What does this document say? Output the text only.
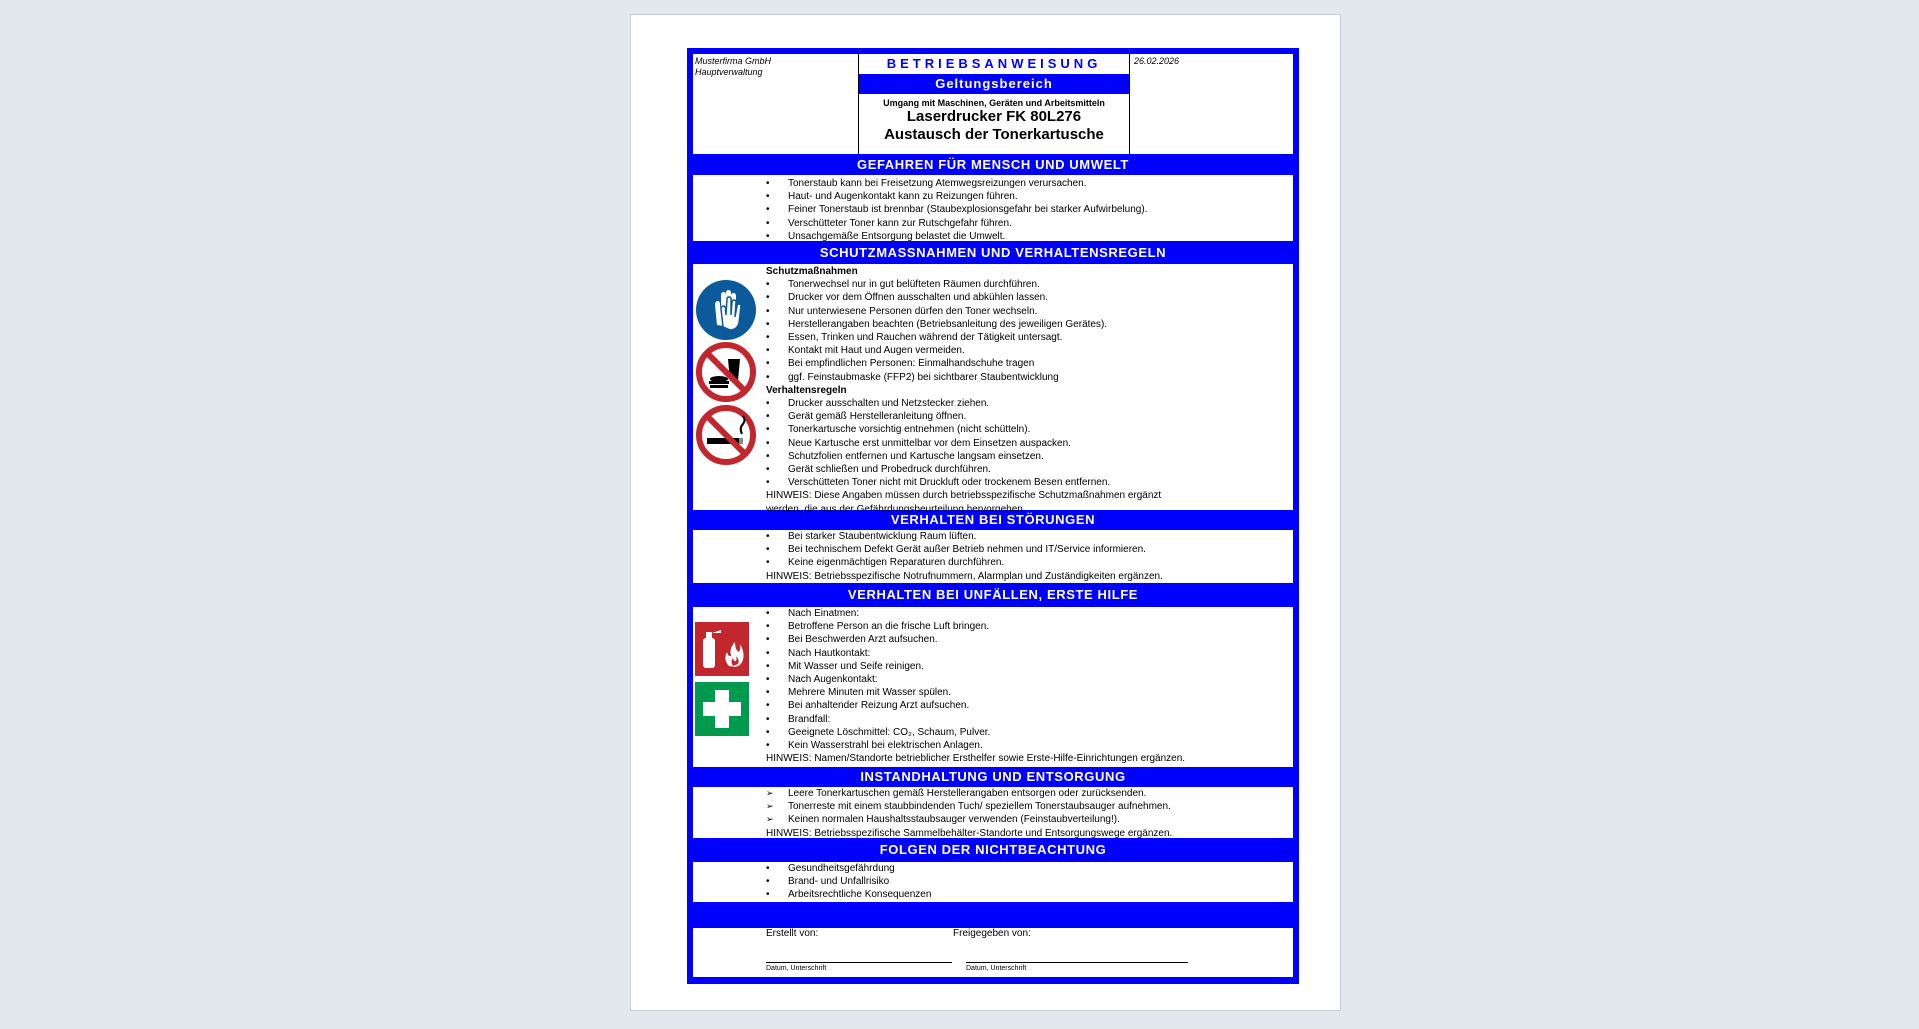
Musterfirma GmbH
Hauptverwaltung
BETRIEBSANWEISUNG
Geltungsbereich
Umgang mit Maschinen, Geräten und Arbeitsmitteln
Laserdrucker FK 80L276
Austausch der Tonerkartusche
26.02.2026
GEFAHREN FÜR MENSCH UND UMWELT
• Tonerstaub kann bei Freisetzung Atemwegsreizungen verursachen.
• Haut- und Augenkontakt kann zu Reizungen führen.
• Feiner Tonerstaub ist brennbar (Staubexplosionsgefahr bei starker Aufwirbelung).
• Verschütteter Toner kann zur Rutschgefahr führen.
• Unsachgemäße Entsorgung belastet die Umwelt.
SCHUTZMASSNAHMEN UND VERHALTENSREGELN
Schutzmaßnahmen
• Tonerwechsel nur in gut belüfteten Räumen durchführen.
• Drucker vor dem Öffnen ausschalten und abkühlen lassen.
• Nur unterwiesene Personen dürfen den Toner wechseln.
• Herstellerangaben beachten (Betriebsanleitung des jeweiligen Gerätes).
• Essen, Trinken und Rauchen während der Tätigkeit untersagt.
• Kontakt mit Haut und Augen vermeiden.
• Bei empfindlichen Personen: Einmalhandschuhe tragen
• ggf. Feinstaubmaske (FFP2) bei sichtbarer Staubentwicklung
Verhaltensregeln
• Drucker ausschalten und Netzstecker ziehen.
• Gerät gemäß Herstelleranleitung öffnen.
• Tonerkartusche vorsichtig entnehmen (nicht schütteln).
• Neue Kartusche erst unmittelbar vor dem Einsetzen auspacken.
• Schutzfolien entfernen und Kartusche langsam einsetzen.
• Gerät schließen und Probedruck durchführen.
• Verschütteten Toner nicht mit Druckluft oder trockenem Besen entfernen.
HINWEIS: Diese Angaben müssen durch betriebsspezifische Schutzmaßnahmen ergänzt werden, die aus der Gefährdungsbeurteilung hervorgehen.
VERHALTEN BEI STÖRUNGEN
• Bei starker Staubentwicklung Raum lüften.
• Bei technischem Defekt Gerät außer Betrieb nehmen und IT/Service informieren.
• Keine eigenmächtigen Reparaturen durchführen.
HINWEIS: Betriebsspezifische Notrufnummern, Alarmplan und Zuständigkeiten ergänzen.
VERHALTEN BEI UNFÄLLEN, ERSTE HILFE
• Nach Einatmen:
• Betroffene Person an die frische Luft bringen.
• Bei Beschwerden Arzt aufsuchen.
• Nach Hautkontakt:
• Mit Wasser und Seife reinigen.
• Nach Augenkontakt:
• Mehrere Minuten mit Wasser spülen.
• Bei anhaltender Reizung Arzt aufsuchen.
• Brandfall:
• Geeignete Löschmittel: CO₂, Schaum, Pulver.
• Kein Wasserstrahl bei elektrischen Anlagen.
HINWEIS: Namen/Standorte betrieblicher Ersthelfer sowie Erste-Hilfe-Einrichtungen ergänzen.
INSTANDHALTUNG UND ENTSORGUNG
➢ Leere Tonerkartuschen gemäß Herstellerangaben entsorgen oder zurücksenden.
➢ Tonerreste mit einem staubbindenden Tuch/ speziellem Tonerstaubsauger aufnehmen.
➢ Keinen normalen Haushaltsstaubsauger verwenden (Feinstaubverteilung!).
HINWEIS: Betriebsspezifische Sammelbehälter-Standorte und Entsorgungswege ergänzen.
FOLGEN DER NICHTBEACHTUNG
• Gesundheitsgefährdung
• Brand- und Unfallrisiko
• Arbeitsrechtliche Konsequenzen
Erstellt von:	Freigegeben von:
Datum, Unterschrift	Datum, Unterschrift
